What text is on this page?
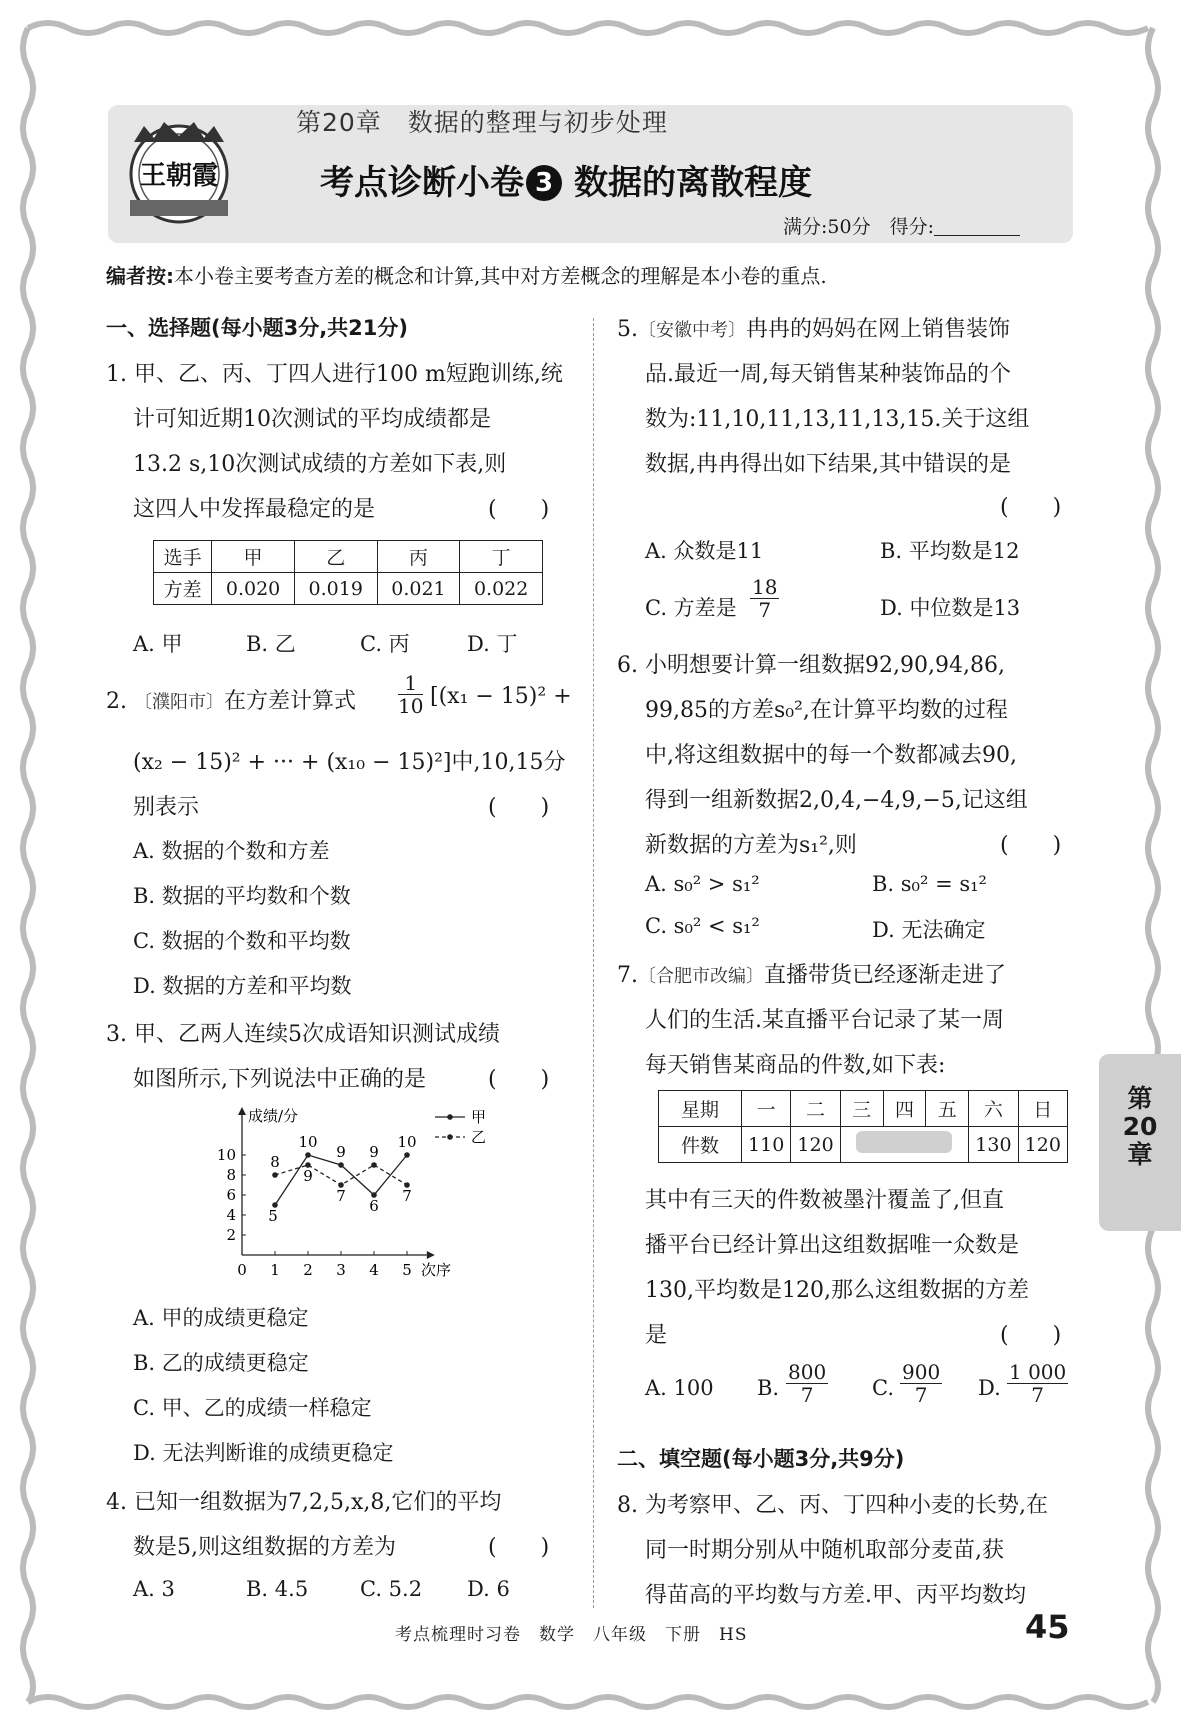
王朝霞
第20章　数据的整理与初步处理
考点诊断小卷 3 数据的离散程度
满分:50分　得分:
编者按:本小卷主要考查方差的概念和计算,其中对方差概念的理解是本小卷的重点.
一、选择题(每小题3分,共21分)
1. 甲、乙、丙、丁四人进行100 m短跑训练,统
计可知近期10次测试的平均成绩都是
13.2 s,10次测试成绩的方差如下表,则
这四人中发挥最稳定的是	(　　)
选手	甲	乙	丙	丁
方差	0.020	0.019	0.021	0.022
A. 甲	B. 乙	C. 丙	D. 丁
2. 〔濮阳市〕在方差计算式 $\frac{1}{10} [(x_1 - 15)^2$ +
(x₂ − 15)² + ··· + (x₁₀ − 15)²]中,10,15分
别表示	(　　)
A. 数据的个数和方差
B. 数据的平均数和个数
C. 数据的个数和平均数
D. 数据的方差和平均数
3. 甲、乙两人连续5次成语知识测试成绩
如图所示,下列说法中正确的是	(　　)
2
4
6
8
10
0 1 2 3 4 5
成绩/分
次序
5
10
9
6
10
8
9
7
9
7
甲
乙
A. 甲的成绩更稳定
B. 乙的成绩更稳定
C. 甲、乙的成绩一样稳定
D. 无法判断谁的成绩更稳定
4. 已知一组数据为7,2,5,x,8,它们的平均
数是5,则这组数据的方差为	(　　)
A. 3	B. 4.5 C. 5.2 D. 6
5.〔安徽中考〕冉冉的妈妈在网上销售装饰
品.最近一周,每天销售某种装饰品的个
数为:11,10,11,13,11,13,15.关于这组
数据,冉冉得出如下结果,其中错误的是
(　　)
A. 众数是11	B. 平均数是12
C. 方差是 $\frac{18}{7}$	D. 中位数是13
6. 小明想要计算一组数据92,90,94,86,
99,85的方差s₀²,在计算平均数的过程
中,将这组数据中的每一个数都减去90,
得到一组新数据2,0,4,−4,9,−5,记这组
新数据的方差为s₁²,则	(　　)
A. s₀² > s₁²	B. s₀² = s₁²
C. s₀² < s₁²	D. 无法确定
7.〔合肥市改编〕直播带货已经逐渐走进了
人们的生活.某直播平台记录了某一周
每天销售某商品的件数,如下表:
星期	一	二	三	四	五	六	日
件数	110	120				130	120
其中有三天的件数被墨汁覆盖了,但直
播平台已经计算出这组数据唯一众数是
130,平均数是120,那么这组数据的方差
是	(　　)
A. 100 B. $\frac{800}{7} C$. $\frac{900}{7} D$. $\frac{1 000}{7}$
二、填空题(每小题3分,共9分)
8. 为考察甲、乙、丙、丁四种小麦的长势,在
同一时期分别从中随机取部分麦苗,获
得苗高的平均数与方差.甲、丙平均数均
第
20
章
考点梳理时习卷　数学　八年级　下册　HS	45
